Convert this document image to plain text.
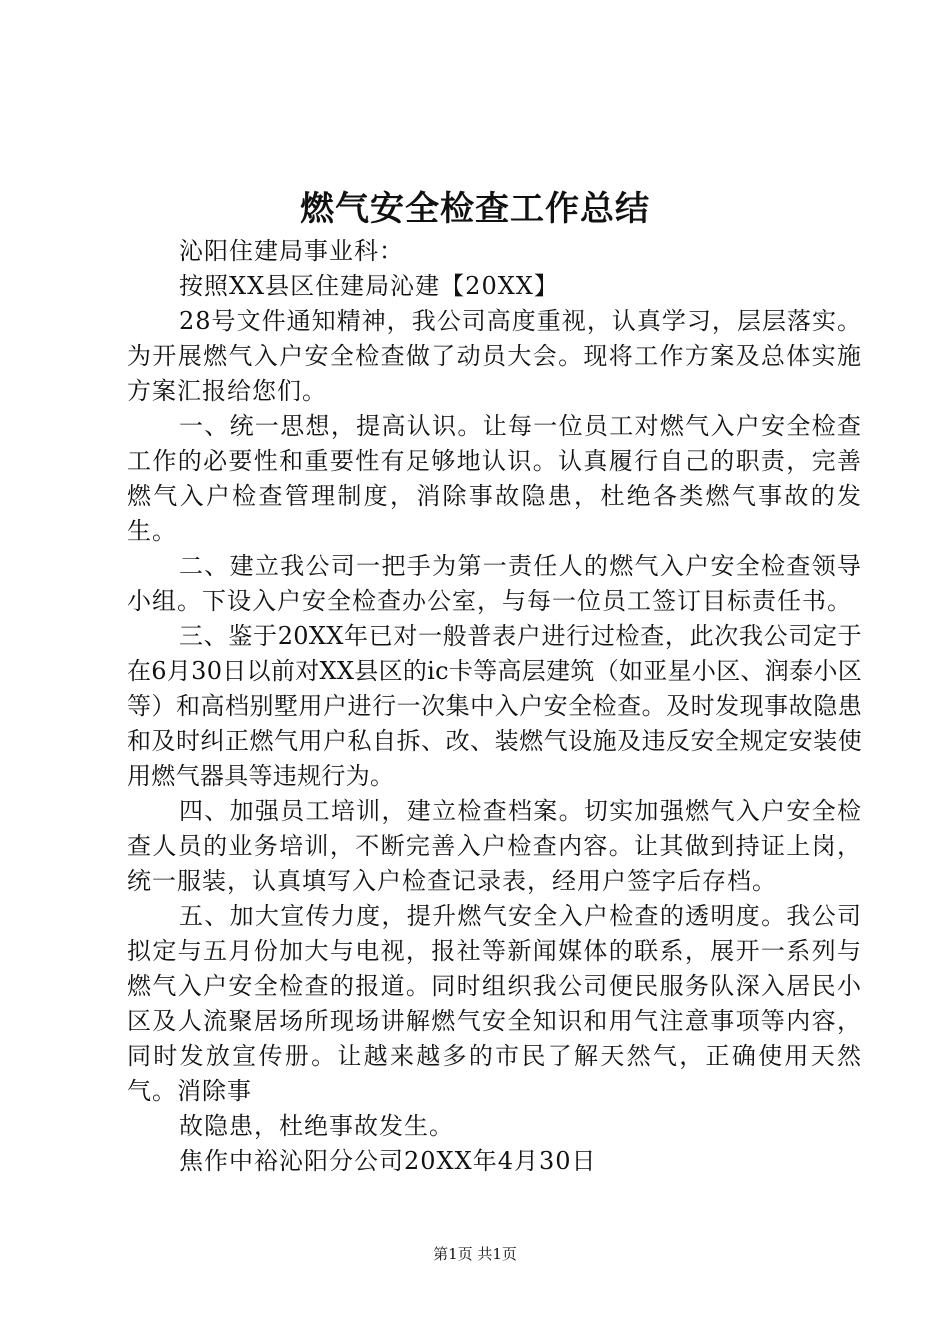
燃气安全检查工作总结

沁阳住建局事业科：

按照XX县区住建局沁建【20XX】

28号文件通知精神，我公司高度重视，认真学习，层层落实。为开展燃气入户安全检查做了动员大会。现将工作方案及总体实施方案汇报给您们。

一、统一思想，提高认识。让每一位员工对燃气入户安全检查工作的必要性和重要性有足够地认识。认真履行自己的职责，完善燃气入户检查管理制度，消除事故隐患，杜绝各类燃气事故的发生。

二、建立我公司一把手为第一责任人的燃气入户安全检查领导小组。下设入户安全检查办公室，与每一位员工签订目标责任书。

三、鉴于20XX年已对一般普表户进行过检查，此次我公司定于在6月30日以前对XX县区的ic卡等高层建筑（如亚星小区、润泰小区等）和高档别墅用户进行一次集中入户安全检查。及时发现事故隐患和及时纠正燃气用户私自拆、改、装燃气设施及违反安全规定安装使用燃气器具等违规行为。

四、加强员工培训，建立检查档案。切实加强燃气入户安全检查人员的业务培训，不断完善入户检查内容。让其做到持证上岗，统一服装，认真填写入户检查记录表，经用户签字后存档。

五、加大宣传力度，提升燃气安全入户检查的透明度。我公司拟定与五月份加大与电视，报社等新闻媒体的联系，展开一系列与燃气入户安全检查的报道。同时组织我公司便民服务队深入居民小区及人流聚居场所现场讲解燃气安全知识和用气注意事项等内容，同时发放宣传册。让越来越多的市民了解天然气，正确使用天然气。消除事

故隐患，杜绝事故发生。

焦作中裕沁阳分公司20XX年4月30日

第1页 共1页
